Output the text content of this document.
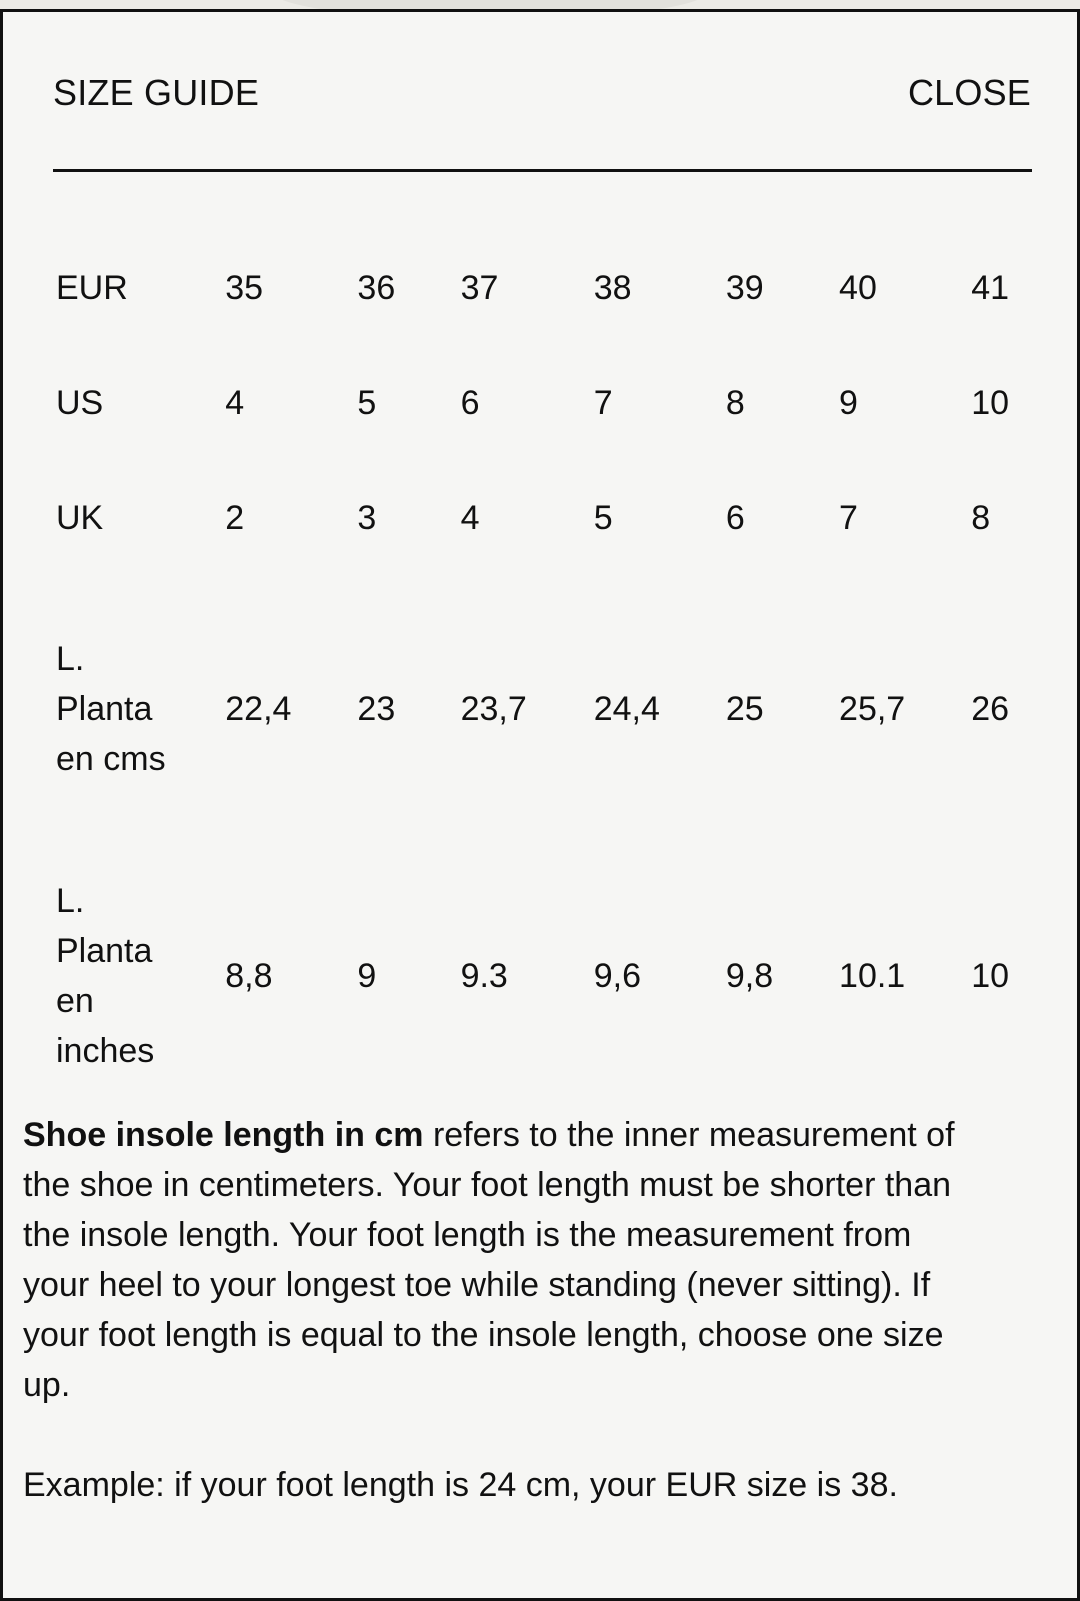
SIZE GUIDE	CLOSE
EUR	35	36	37	38	39	40	41

US	4	5	6	7	8	9	10

UK	2	3	4	5	6	7	8

L. Planta en cms	22,4	23	23,7	24,4	25	25,7	26

L. Planta en inches	8,8	9	9.3	9,6	9,8	10.1	10

Shoe insole length in cm refers to the inner measurement of the shoe in centimeters. Your foot length must be shorter than the insole length. Your foot length is the measurement from your heel to your longest toe while standing (never sitting). If your foot length is equal to the insole length, choose one size up.

Example: if your foot length is 24 cm, your EUR size is 38.
